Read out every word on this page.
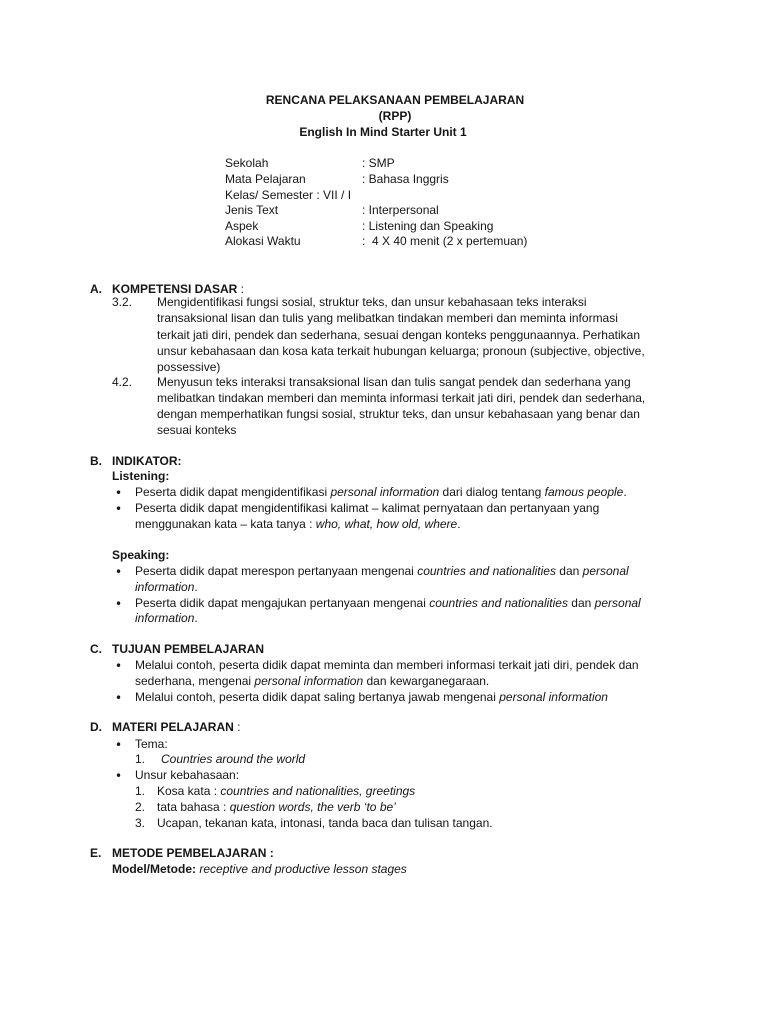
RENCANA PELAKSANAAN PEMBELAJARAN
(RPP)
English In Mind Starter Unit 1
Sekolah	: SMP
Mata Pelajaran	: Bahasa Inggris
Kelas/ Semester : VII / I
Jenis Text	: Interpersonal
Aspek	: Listening dan Speaking
Alokasi Waktu	:  4 X 40 menit (2 x pertemuan)
A. KOMPETENSI DASAR :
3.2. Mengidentifikasi fungsi sosial, struktur teks, dan unsur kebahasaan teks interaksi
transaksional lisan dan tulis yang melibatkan tindakan memberi dan meminta informasi
terkait jati diri, pendek dan sederhana, sesuai dengan konteks penggunaannya. Perhatikan
unsur kebahasaan dan kosa kata terkait hubungan keluarga; pronoun (subjective, objective,
possessive)
4.2. Menyusun teks interaksi transaksional lisan dan tulis sangat pendek dan sederhana yang
melibatkan tindakan memberi dan meminta informasi terkait jati diri, pendek dan sederhana,
dengan memperhatikan fungsi sosial, struktur teks, dan unsur kebahasaan yang benar dan
sesuai konteks
B. INDIKATOR:
Listening:
•
Peserta didik dapat mengidentifikasi personal information dari dialog tentang famous people.
•
Peserta didik dapat mengidentifikasi kalimat – kalimat pernyataan dan pertanyaan yang
menggunakan kata – kata tanya : who, what, how old, where.
Speaking:
•
Peserta didik dapat merespon pertanyaan mengenai countries and nationalities dan personal
information.
•
Peserta didik dapat mengajukan pertanyaan mengenai countries and nationalities dan personal
information.
C. TUJUAN PEMBELAJARAN
•
Melalui contoh, peserta didik dapat meminta dan memberi informasi terkait jati diri, pendek dan
sederhana, mengenai personal information dan kewarganegaraan.
•
Melalui contoh, peserta didik dapat saling bertanya jawab mengenai personal information
D. MATERI PELAJARAN :
•
Tema:
1. Countries around the world
•
Unsur kebahasaan:
1. Kosa kata : countries and nationalities, greetings
2. tata bahasa : question words, the verb ‘to be’
3. Ucapan, tekanan kata, intonasi, tanda baca dan tulisan tangan.
E. METODE PEMBELAJARAN :
Model/Metode: receptive and productive lesson stages
